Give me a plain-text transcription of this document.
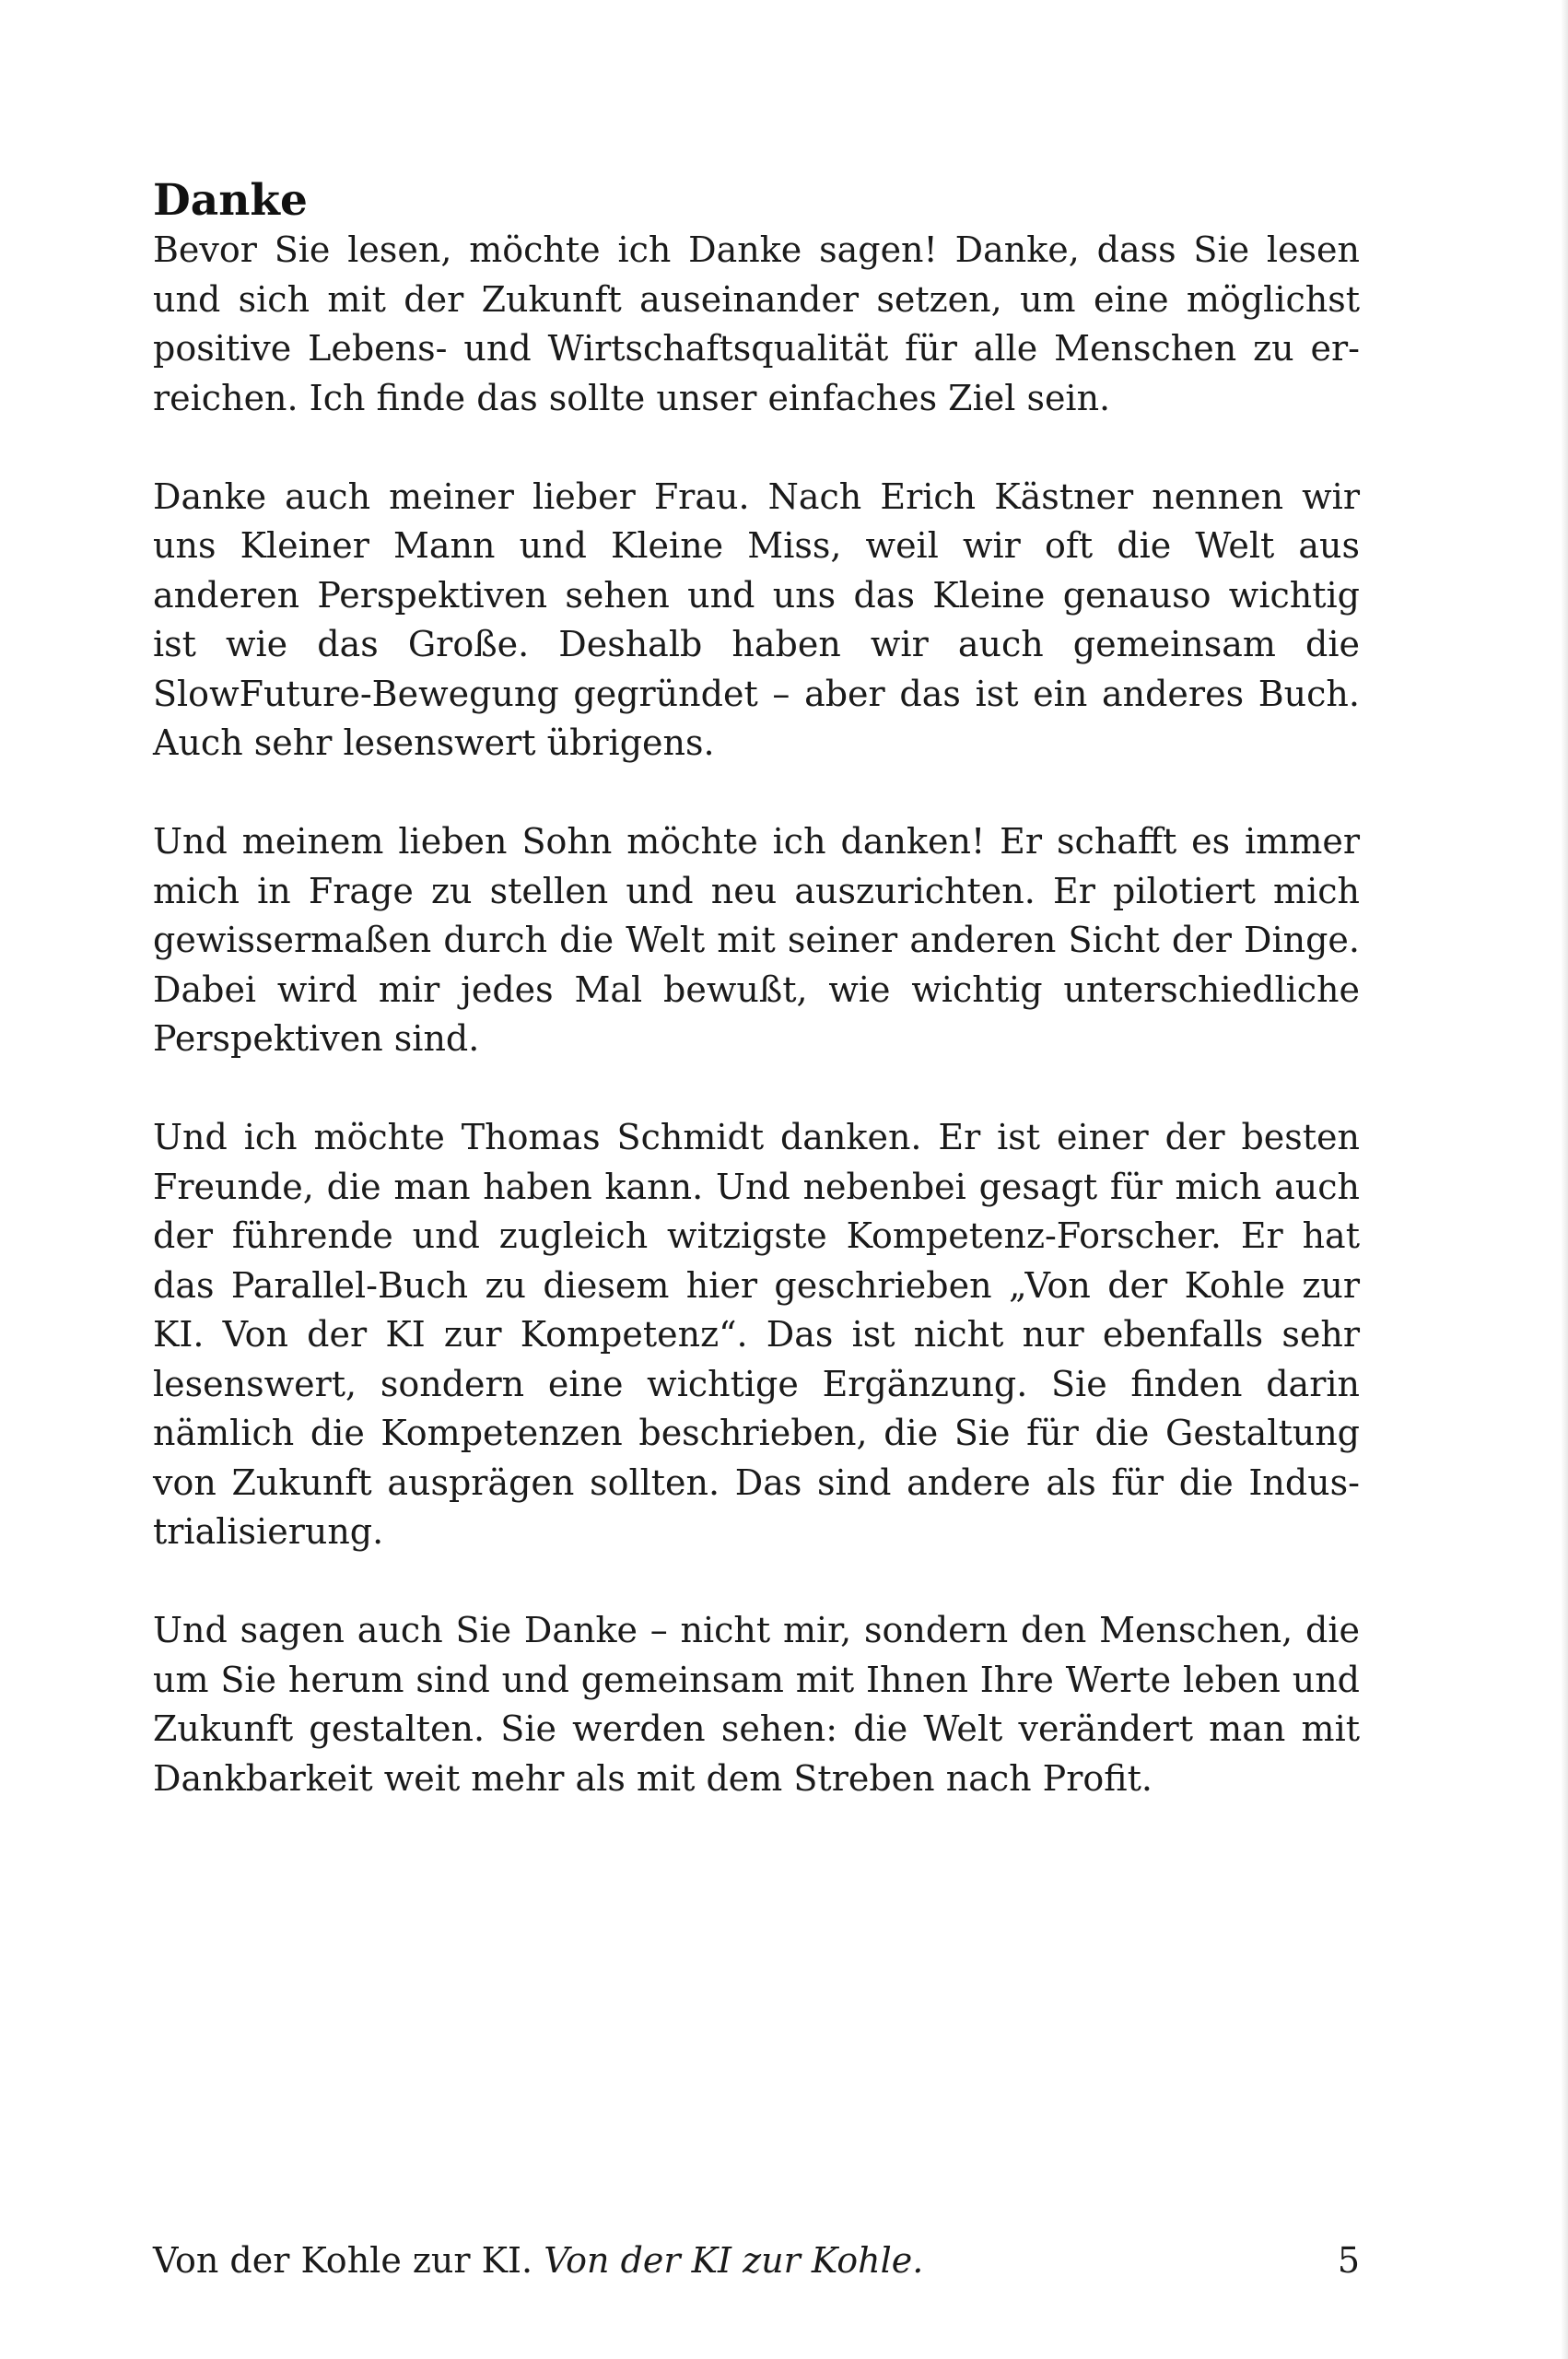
Danke

Bevor Sie lesen, möchte ich Danke sagen! Danke, dass Sie lesen und sich mit der Zukunft auseinander setzen, um eine möglichst positive Lebens- und Wirtschaftsqualität für alle Menschen zu erreichen. Ich finde das sollte unser einfaches Ziel sein.

Danke auch meiner lieber Frau. Nach Erich Kästner nennen wir uns Kleiner Mann und Kleine Miss, weil wir oft die Welt aus anderen Perspektiven sehen und uns das Kleine genauso wichtig ist wie das Große. Deshalb haben wir auch gemeinsam die SlowFuture-Bewegung gegründet – aber das ist ein anderes Buch. Auch sehr lesenswert übrigens.

Und meinem lieben Sohn möchte ich danken! Er schafft es immer mich in Frage zu stellen und neu auszurichten. Er pilotiert mich gewissermaßen durch die Welt mit seiner anderen Sicht der Dinge. Dabei wird mir jedes Mal bewußt, wie wichtig unterschiedliche Perspektiven sind.

Und ich möchte Thomas Schmidt danken. Er ist einer der besten Freunde, die man haben kann. Und nebenbei gesagt für mich auch der führende und zugleich witzigste Kompetenz-Forscher. Er hat das Parallel-Buch zu diesem hier geschrieben „Von der Kohle zur KI. Von der KI zur Kompetenz“. Das ist nicht nur ebenfalls sehr lesenswert, sondern eine wichtige Ergänzung. Sie finden darin nämlich die Kompetenzen beschrieben, die Sie für die Gestaltung von Zukunft ausprägen sollten. Das sind andere als für die Industrialisierung.

Und sagen auch Sie Danke – nicht mir, sondern den Menschen, die um Sie herum sind und gemeinsam mit Ihnen Ihre Werte leben und Zukunft gestalten. Sie werden sehen: die Welt verändert man mit Dankbarkeit weit mehr als mit dem Streben nach Profit.

Von der Kohle zur KI. Von der KI zur Kohle.	5
